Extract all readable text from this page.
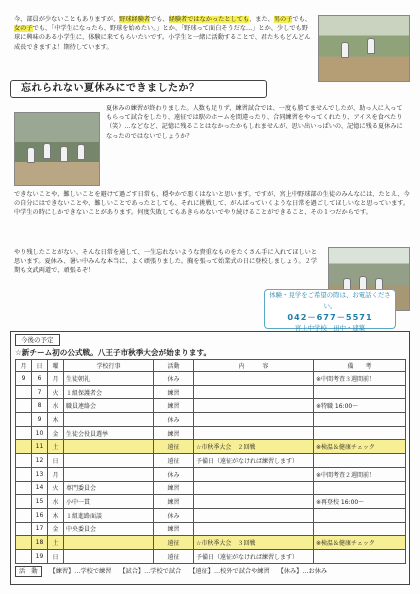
今、部員が少ないこともありますが、野球経験者でも、経験者ではなかったとしても、また、男の子でも、女の子でも、「中学生になったら、野球を始めたい。」とか、「野球って面白そうだな…」とか、少しでも野球に興味のある小学生に、体験に来てもらいたいです。小学生と一緒に活動することで、君たちもどんどん成長できますよ！期待しています。

忘れられない夏休みにできましたか？

夏休みの練習が終わりました。人数も足りず、練習試合では、一度も勝てませんでしたが、助っ人に入ってもらって試合をしたり、遠征では駅のホームを間違ったり、合同練習をやってくれたり、アイスを食べたり（笑）…などなど、記憶に残ることはなかったかもしれませんが、思い出いっぱいの、記憶に残る夏休みになったのではないでしょうか？

できないことや、難しいことを避けて過ごす日常も、穏やかで悪くはないと思います。ですが、宮上中野球部の生徒のみんなには、たとえ、今の自分にはできないことや、難しいことであったとしても、それに挑戦して、がんばっていくような日常を過ごしてほしいなと思っています。中学生の時にしかできないことがあります。何度失敗してもあきらめないでやり続けることができること、その１つだからです。

やり残したことがない、そんな日常を通して、一生忘れないような貴重なものをたくさん手に入れてほしいと思います。夏休み、暑い中みんな本当に、よく頑張りました。胸を張って始業式の日に登校しましょう。２学期も文武両道で、頑張るぞ！

体験・見学をご希望の際は、お電話ください。
042－677－5571
宮上中学校　田中・建築
今後の予定
☆新チーム初の公式戦。八王子市秋季大会が始まります。
月	日	曜	学校行事	活動	内　　　容	備　　考
9	6	月	生徒朝礼	休み		※中間考査３週間前！
	7	火	１組保護者会	練習		
	8	水	職員連絡会	練習		※特職 16:00～
	9	木		休み		
	10	金	生徒会役員選挙	練習		
	11	土		遠征	☆市秋季大会　２回戦	※検温＆健康チェック
	12	日		遠征	予備日（遠征がなければ練習します）	
	13	月		休み		※中間考査２週間前！
	14	火	専門委員会	練習		
	15	水	小中一貫	練習		※再登校 16:00～
	16	木	１組進路面談	休み		
	17	金	中央委員会	練習		
	18	土		遠征	☆市秋季大会　３回戦	※検温＆健康チェック
	19	日		遠征	予備日（遠征がなければ練習します）	
活　動 【練習】…学校で練習 【試合】…学校で試合 【遠征】…校外で試合や練習 【休み】…お休み
